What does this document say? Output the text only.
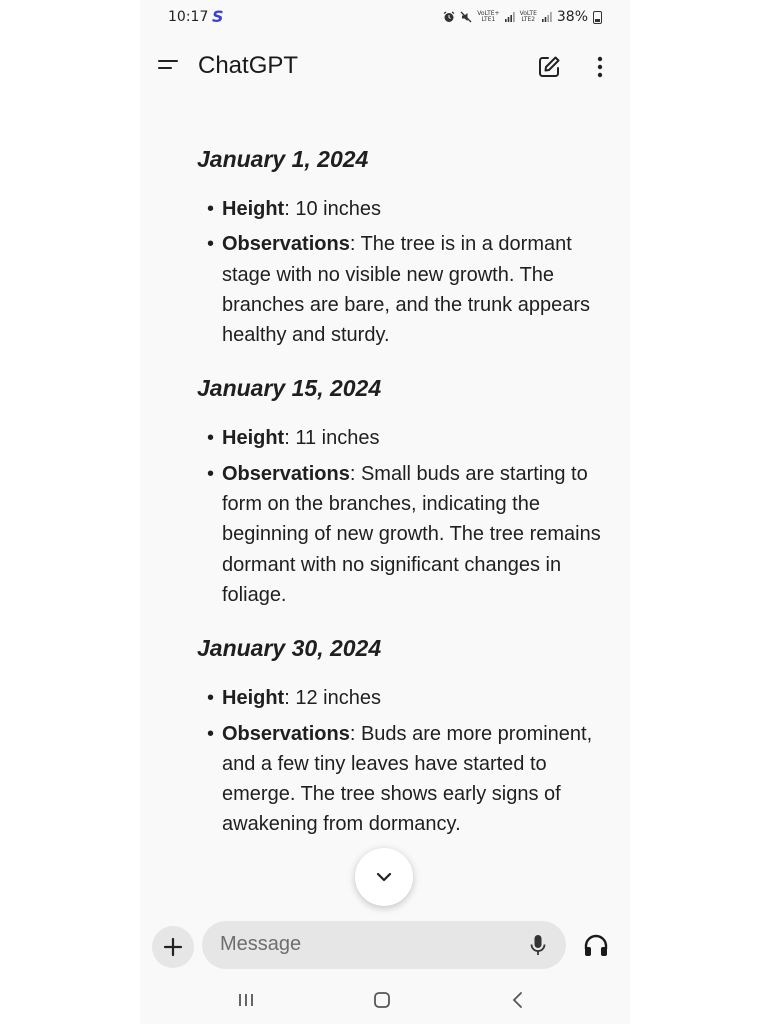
10:17 S	VoLTE+
LTE1
VoLTE
LTE2 38%
ChatGPT
January 1, 2024
• Height: 10 inches
• Observations: The tree is in a dormant stage with no visible new growth. The branches are bare, and the trunk appears healthy and sturdy.
January 15, 2024
• Height: 11 inches
• Observations: Small buds are starting to form on the branches, indicating the beginning of new growth. The tree remains dormant with no significant changes in foliage.
January 30, 2024
• Height: 12 inches
• Observations: Buds are more prominent, and a few tiny leaves have started to emerge. The tree shows early signs of awakening from dormancy.
Message
